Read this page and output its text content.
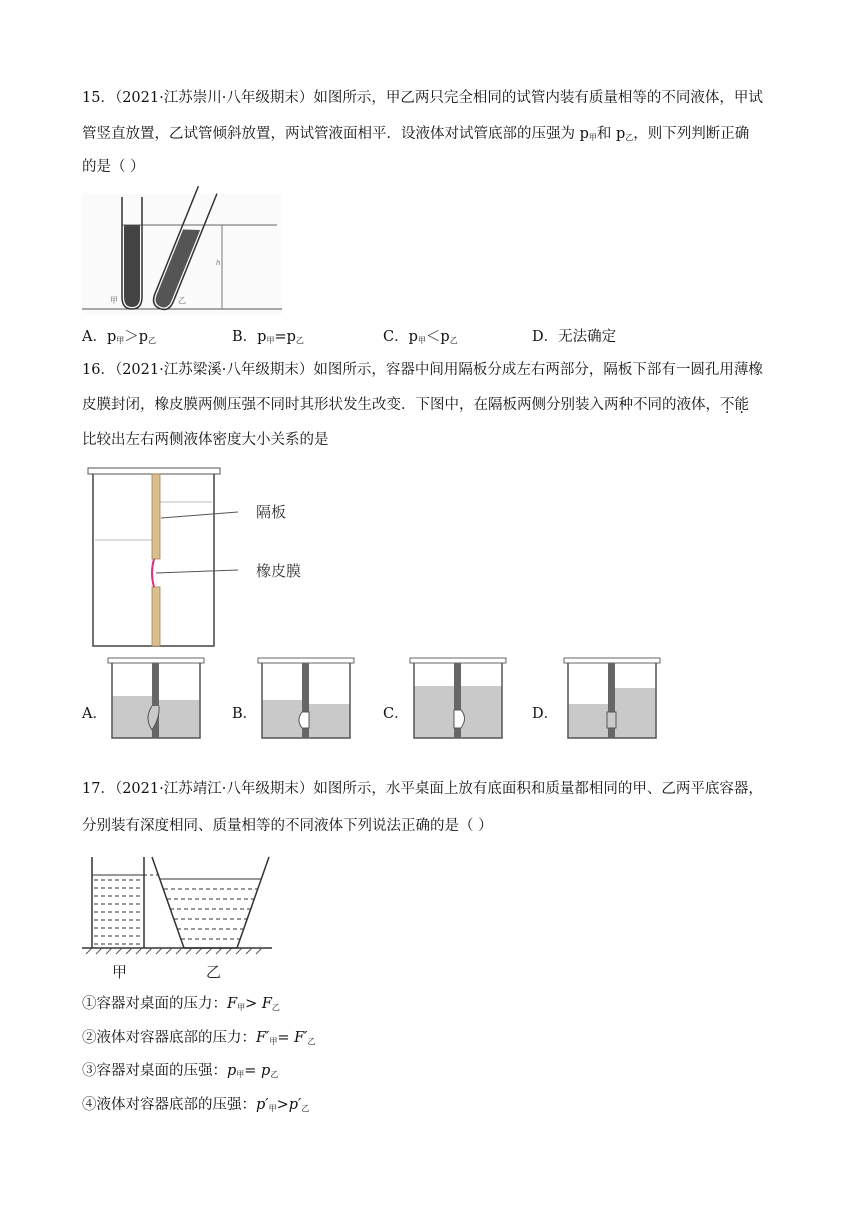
15．（2021·江苏崇川·八年级期末）如图所示，甲乙两只完全相同的试管内装有质量相等的不同液体，甲试
管竖直放置，乙试管倾斜放置，两试管液面相平．设液体对试管底部的压强为 $p_甲$和 $p_乙$，则下列判断正确
的是（ ）
甲	乙
h
A．$p_甲>p_乙$	B．$p_甲=p_乙$	C．$p_甲<p_乙$	D．无法确定
16．（2021·江苏梁溪·八年级期末）如图所示，容器中间用隔板分成左右两部分，隔板下部有一圆孔用薄橡
皮膜封闭，橡皮膜两侧压强不同时其形状发生改变．下图中，在隔板两侧分别装入两种不同的液体，不能
比较出左右两侧液体密度大小关系的是
隔板
橡皮膜
A．	B．	C．	D．
17．（2021·江苏靖江·八年级期末）如图所示，水平桌面上放有底面积和质量都相同的甲、乙两平底容器，
分别装有深度相同、质量相等的不同液体下列说法正确的是（ ）
甲	乙
①容器对桌面的压力：$F_甲> F_乙$
②液体对容器底部的压力：$F'_甲= F'_乙$
③容器对桌面的压强：$p_甲= p_乙$
④液体对容器底部的压强：$p'_甲>p'_乙$
